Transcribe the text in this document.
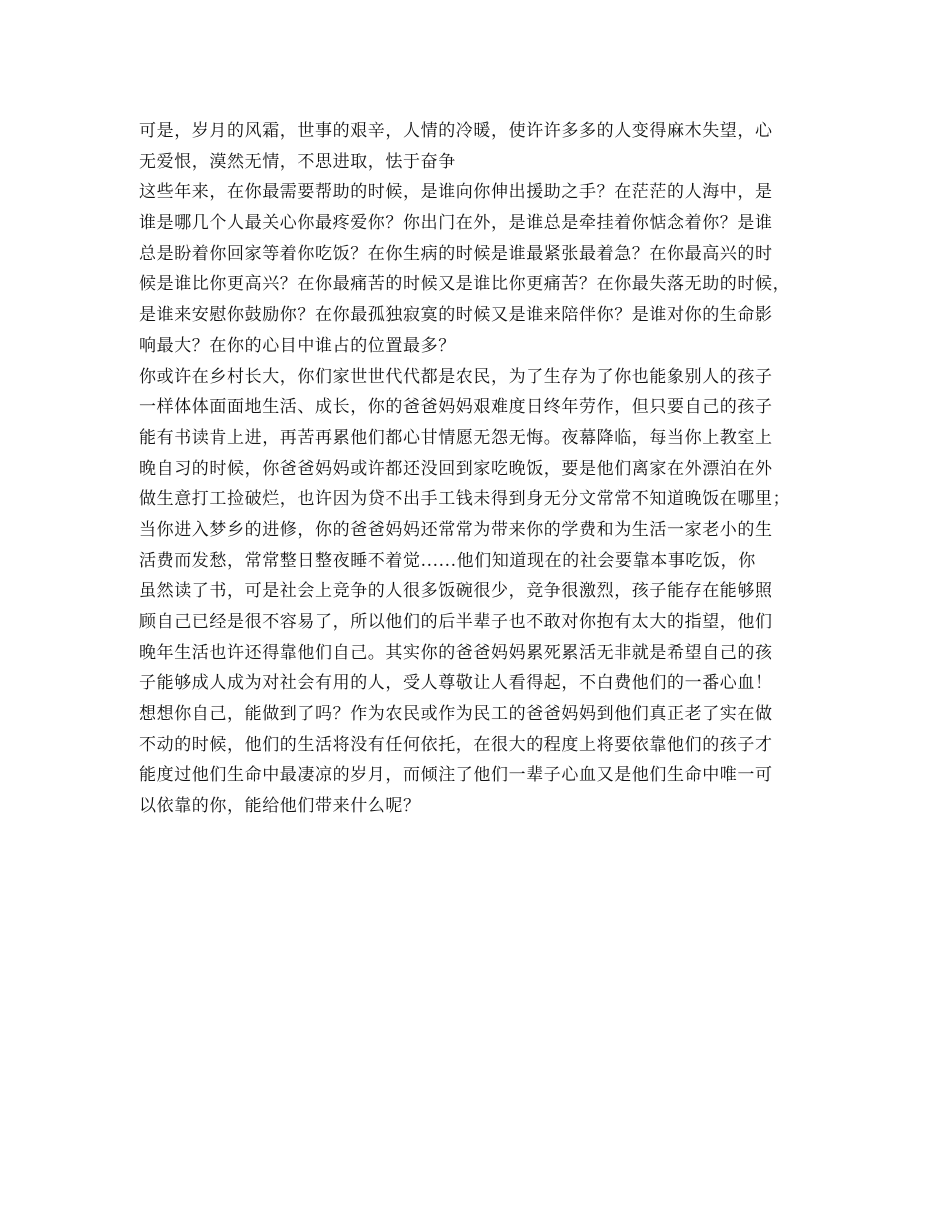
可是，岁月的风霜，世事的艰辛，人情的冷暖，使许许多多的人变得麻木失望，心
无爱恨，漠然无情，不思进取，怯于奋争
这些年来，在你最需要帮助的时候，是谁向你伸出援助之手？在茫茫的人海中，是
谁是哪几个人最关心你最疼爱你？你出门在外，是谁总是牵挂着你惦念着你？是谁
总是盼着你回家等着你吃饭？在你生病的时候是谁最紧张最着急？在你最高兴的时
候是谁比你更高兴？在你最痛苦的时候又是谁比你更痛苦？在你最失落无助的时候，
是谁来安慰你鼓励你？在你最孤独寂寞的时候又是谁来陪伴你？是谁对你的生命影
响最大？在你的心目中谁占的位置最多？
你或许在乡村长大，你们家世世代代都是农民，为了生存为了你也能象别人的孩子
一样体体面面地生活、成长，你的爸爸妈妈艰难度日终年劳作，但只要自己的孩子
能有书读肯上进，再苦再累他们都心甘情愿无怨无悔。夜幕降临，每当你上教室上
晚自习的时候，你爸爸妈妈或许都还没回到家吃晚饭，要是他们离家在外漂泊在外
做生意打工捡破烂，也许因为贷不出手工钱未得到身无分文常常不知道晚饭在哪里；
当你进入梦乡的进修，你的爸爸妈妈还常常为带来你的学费和为生活一家老小的生
活费而发愁，常常整日整夜睡不着觉......他们知道现在的社会要靠本事吃饭，你
虽然读了书，可是社会上竞争的人很多饭碗很少，竞争很激烈，孩子能存在能够照
顾自己已经是很不容易了，所以他们的后半辈子也不敢对你抱有太大的指望，他们
晚年生活也许还得靠他们自己。其实你的爸爸妈妈累死累活无非就是希望自己的孩
子能够成人成为对社会有用的人，受人尊敬让人看得起，不白费他们的一番心血！
想想你自己，能做到了吗？作为农民或作为民工的爸爸妈妈到他们真正老了实在做
不动的时候，他们的生活将没有任何依托，在很大的程度上将要依靠他们的孩子才
能度过他们生命中最凄凉的岁月，而倾注了他们一辈子心血又是他们生命中唯一可
以依靠的你，能给他们带来什么呢？
